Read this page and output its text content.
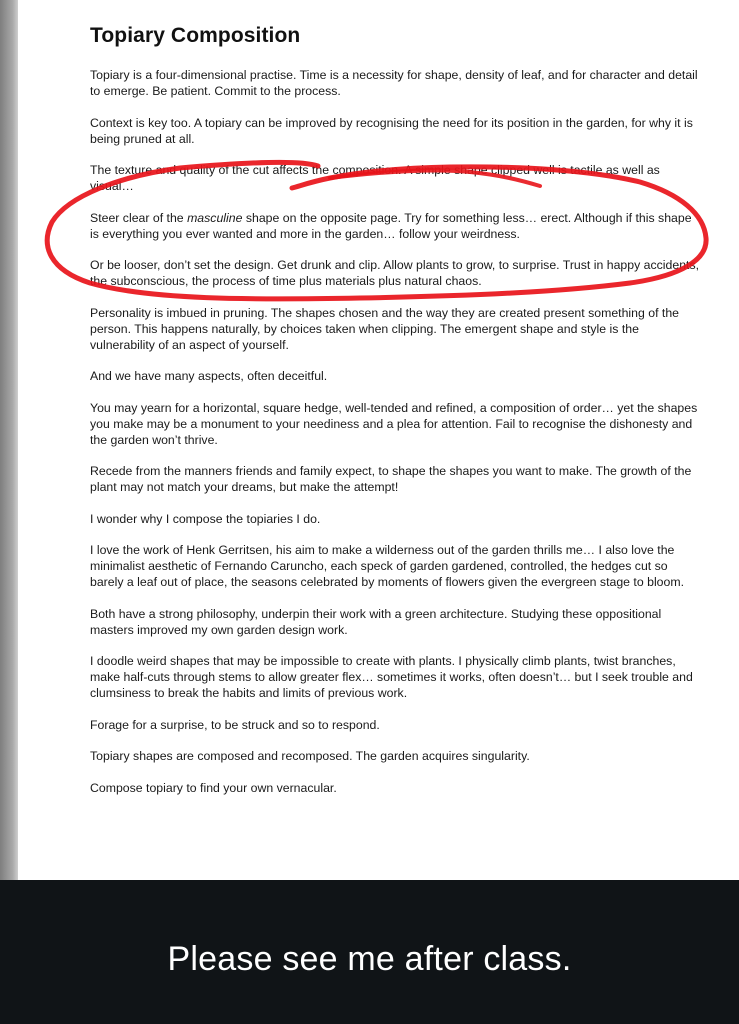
Topiary Composition

Topiary is a four-dimensional practise. Time is a necessity for shape, density of leaf, and for character and detail to emerge. Be patient. Commit to the process.

Context is key too. A topiary can be improved by recognising the need for its position in the garden, for why it is being pruned at all.

The texture and quality of the cut affects the composition. A simple shape clipped well is tactile as well as visual…

Steer clear of the masculine shape on the opposite page. Try for something less… erect. Although if this shape is everything you ever wanted and more in the garden… follow your weirdness.

Or be looser, don’t set the design. Get drunk and clip. Allow plants to grow, to surprise. Trust in happy accidents, the subconscious, the process of time plus materials plus natural chaos.

Personality is imbued in pruning. The shapes chosen and the way they are created present something of the person. This happens naturally, by choices taken when clipping. The emergent shape and style is the vulnerability of an aspect of yourself.

And we have many aspects, often deceitful.

You may yearn for a horizontal, square hedge, well-tended and refined, a composition of order… yet the shapes you make may be a monument to your neediness and a plea for attention. Fail to recognise the dishonesty and the garden won’t thrive.

Recede from the manners friends and family expect, to shape the shapes you want to make. The growth of the plant may not match your dreams, but make the attempt!

I wonder why I compose the topiaries I do.

I love the work of Henk Gerritsen, his aim to make a wilderness out of the garden thrills me… I also love the minimalist aesthetic of Fernando Caruncho, each speck of garden gardened, controlled, the hedges cut so barely a leaf out of place, the seasons celebrated by moments of flowers given the evergreen stage to bloom.

Both have a strong philosophy, underpin their work with a green architecture. Studying these oppositional masters improved my own garden design work.

I doodle weird shapes that may be impossible to create with plants. I physically climb plants, twist branches, make half-cuts through stems to allow greater flex… sometimes it works, often doesn’t… but I seek trouble and clumsiness to break the habits and limits of previous work.

Forage for a surprise, to be struck and so to respond.

Topiary shapes are composed and recomposed. The garden acquires singularity.

Compose topiary to find your own vernacular.

Please see me after class.
